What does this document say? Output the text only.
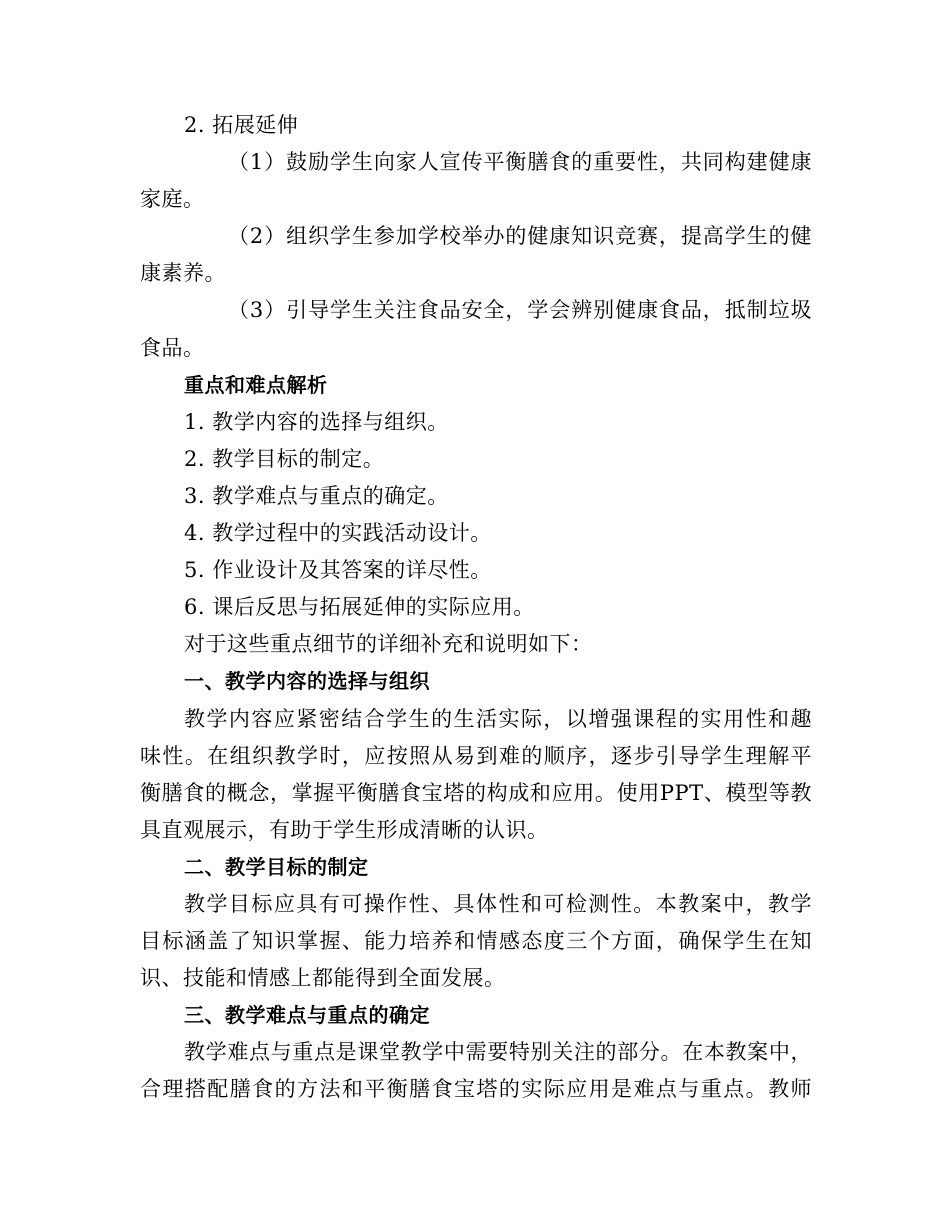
2. 拓展延伸
（1）鼓励学生向家人宣传平衡膳食的重要性，共同构建健康
家庭。
（2）组织学生参加学校举办的健康知识竞赛，提高学生的健
康素养。
（3）引导学生关注食品安全，学会辨别健康食品，抵制垃圾
食品。
重点和难点解析
1. 教学内容的选择与组织。
2. 教学目标的制定。
3. 教学难点与重点的确定。
4. 教学过程中的实践活动设计。
5. 作业设计及其答案的详尽性。
6. 课后反思与拓展延伸的实际应用。
对于这些重点细节的详细补充和说明如下：
一、教学内容的选择与组织
教学内容应紧密结合学生的生活实际，以增强课程的实用性和趣
味性。在组织教学时，应按照从易到难的顺序，逐步引导学生理解平
衡膳食的概念，掌握平衡膳食宝塔的构成和应用。使用PPT、模型等教
具直观展示，有助于学生形成清晰的认识。
二、教学目标的制定
教学目标应具有可操作性、具体性和可检测性。本教案中，教学
目标涵盖了知识掌握、能力培养和情感态度三个方面，确保学生在知
识、技能和情感上都能得到全面发展。
三、教学难点与重点的确定
教学难点与重点是课堂教学中需要特别关注的部分。在本教案中，
合理搭配膳食的方法和平衡膳食宝塔的实际应用是难点与重点。教师
